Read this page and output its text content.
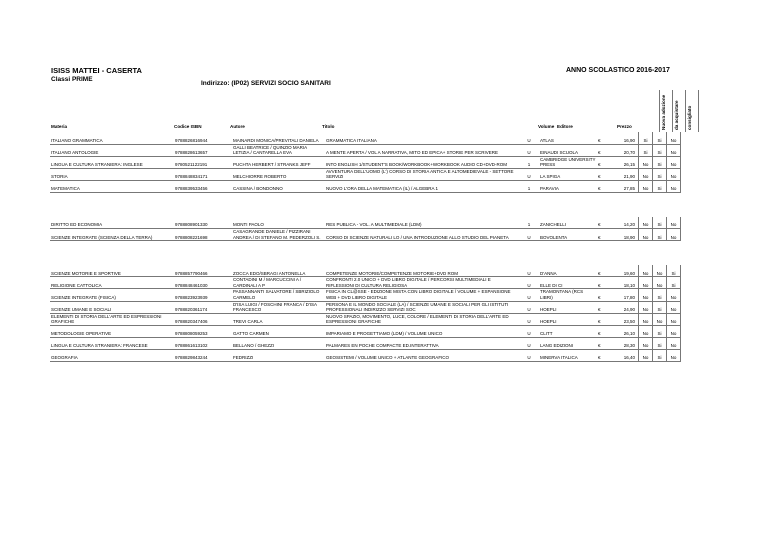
ISISS MATTEI - CASERTA
Classi PRIME
ANNO SCOLASTICO 2016-2017
Indirizzo: (IP02) SERVIZI SOCIO SANITARI
Materia	Codice ISBN	Autore	Titolo	Volume Editore	Prezzo	Nuova adozione da acquistare consigliato
ITALIANO GRAMMATICA	9788826816944	MAINARDI MONICA/PREVITALI DANIELA	GRAMMATICA ITALIANA	U	ATLAS	€	16,90	Si	Si	No
ITALIANO ANTOLOGIE	9788828613657	GALLI BEATRICE / QUINZIO MARIA LETIZIA / CANTARELLA EVA	A MENTE APERTA / VOL A NARRATIVA, MITO ED EPICA+ STORIE PER SCRIVERE	U	EINAUDI SCUOLA	€	20,70	Si	Si	No
LINGUA E CULTURA STRANIERA: INGLESE	9780521122191	PUCHTA HERBERT / STRANKS JEFF	INTO ENGLISH 1/STUDENT'S BOOK/WORKBOOK+WORKBOOK AUDIO CD+DVD-ROM	1	CAMBRIDGE UNIVERSITY PRESS	€	26,15	No	Si	No
STORIA	9788848834171	MELCHIORRE ROBERTO	AVVENTURA DELL'UOMO (L') CORSO DI STORIA ANTICA E ALTOMEDIEVALE - SETTORE SERVIZI	U	LA SPIGA	€	21,90	No	Si	No
MATEMATICA	9788839533456	CASSINA / BONDONNO	NUOVO L'ORA DELLA MATEMATICA (IL) / ALGEBRA 1	1	PARAVIA	€	27,85	No	Si	No

DIRITTO ED ECONOMIA	9788808901330	MONTI PAOLO	RES PUBLICA - VOL. A MULTIMEDIALE (LDM)	1	ZANICHELLI	€	14,20	No	Si	No
SCIENZE INTEGRATE (SCIENZA DELLA TERRA)	9788808221698	CASAGRANDE DANIELE / PIZZIRANI ANDREA / DI STEFANO M. PEDERZOLI S.	CORSO DI SCIENZE NATURALI LO / UNA INTRODUZIONE ALLO STUDIO DEL PIANETA	U	BOVOLENTA	€	18,90	No	Si	No

SCIENZE MOTORIE E SPORTIVE	9788857790466	ZOCCA EDO/SBRAGI ANTONELLA	COMPETENZE MOTORIE/COMPETENZE MOTORIE+DVD ROM	U	D'ANNA	€	19,60	No	No	Si
RELIGIONE CATTOLICA	9788848461030	CONTADINI M / MARCUCCINI A / CARDINALI A P	CONFRONTI 2.0 UNICO + DVD LIBRO DIGITALE / PERCORSI MULTIMEDIALI E RIFLESSIONI DI CULTURA RELIGIOSA	U	ELLE DI CI	€	18,10	No	No	Si
SCIENZE INTEGRATE (FISICA)	9788823923939	PASSANNANTI SALVATORE / SBRIZIOLO CARMELO	FISICA IN CL@SSE - EDIZIONE MISTA CON LIBRO DIGITALE / VOLUME + ESPANSIONE WEB + DVD LIBRO DIGITALE	U	TRAMONTANA (RCS LIBRI)	€	17,80	No	Si	No
SCIENZE UMANE E SOCIALI	9788820361174	D'ISA LUIGI / FOSCHINI FRANCA / D'ISA FRANCESCO	PERSONA E IL MONDO SOCIALE (LA) / SCIENZE UMANE E SOCIALI PER GLI ISTITUTI PROFESSIONALI INDIRIZZO SERVIZI SOC	U	HOEPLI	€	24,90	No	Si	No
ELEMENTI DI STORIA DELL'ARTE ED ESPRESSIONI GRAFICHE	9788820347406	TREVI CARLA	NUOVO SPAZIO, MOVIMENTO, LUCE, COLORE / ELEMENTI DI STORIA DELL'ARTE ED ESPRESSIONI GRAFICHE	U	HOEPLI	€	23,50	No	No	No
METODOLOGIE OPERATIVE	9788808059253	GATTO CARMEN	IMPARIAMO E PROGETTIAMO (LDM) / VOLUME UNICO	U	CLITT	€	26,10	No	Si	No
LINGUA E CULTURA STRANIERA: FRANCESE	9788861613102	BELLANO / GHEZZI	PALMARES EN POCHE COMPACTE ED.INTERATTIVA	U	LANG EDIZIONI	€	28,30	No	Si	No
GEOGRAFIA	9788829843244	FEDRIZZI	GEOSISTEMI / VOLUME UNICO + ATLANTE GEOGRAFICO	U	MINERVA ITALICA	€	16,40	No	Si	No
